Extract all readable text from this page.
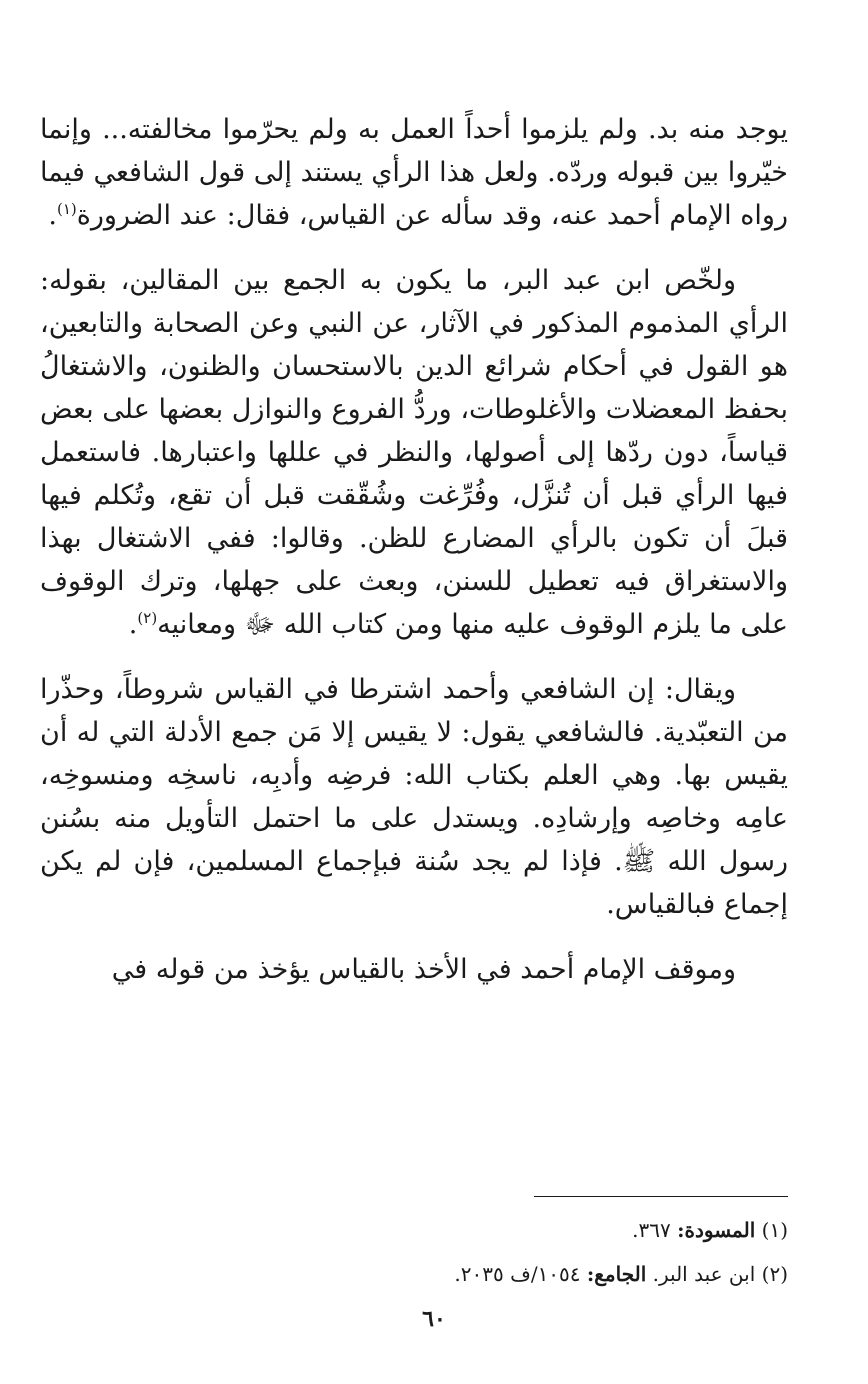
يوجد منه بد. ولم يلزموا أحداً العمل به ولم يحرّموا مخالفته... وإنما خيّروا بين قبوله وردّه. ولعل هذا الرأي يستند إلى قول الشافعي فيما رواه الإمام أحمد عنه، وقد سأله عن القياس، فقال: عند الضرورة$^{(١)}$.

ولخّص ابن عبد البر، ما يكون به الجمع بين المقالين، بقوله: الرأي المذموم المذكور في الآثار، عن النبي وعن الصحابة والتابعين، هو القول في أحكام شرائع الدين بالاستحسان والظنون، والاشتغالُ بحفظ المعضلات والأغلوطات، وردُّ الفروع والنوازل بعضها على بعض قياساً، دون ردّها إلى أصولها، والنظر في عللها واعتبارها. فاستعمل فيها الرأي قبل أن تُنزَّل، وفُرِّغت وشُقّقت قبل أن تقع، وتُكلم فيها قبلَ أن تكون بالرأي المضارع للظن. وقالوا: ففي الاشتغال بهذا والاستغراق فيه تعطيل للسنن، وبعث على جهلها، وترك الوقوف على ما يلزم الوقوف عليه منها ومن كتاب الله ﷻ ومعانيه$^{(٢)}$.

ويقال: إن الشافعي وأحمد اشترطا في القياس شروطاً، وحذّرا من التعبّدية. فالشافعي يقول: لا يقيس إلا مَن جمع الأدلة التي له أن يقيس بها. وهي العلم بكتاب الله: فرضِه وأدبِه، ناسخِه ومنسوخِه، عامِه وخاصِه وإرشادِه. ويستدل على ما احتمل التأويل منه بسُنن رسول الله ﷺ. فإذا لم يجد سُنة فبإجماع المسلمين، فإن لم يكن إجماع فبالقياس.

وموقف الإمام أحمد في الأخذ بالقياس يؤخذ من قوله في

(١) المسودة: ٣٦٧.

(٢) ابن عبد البر. الجامع: ١٠٥٤/ف ٢٠٣٥.

٦٠
